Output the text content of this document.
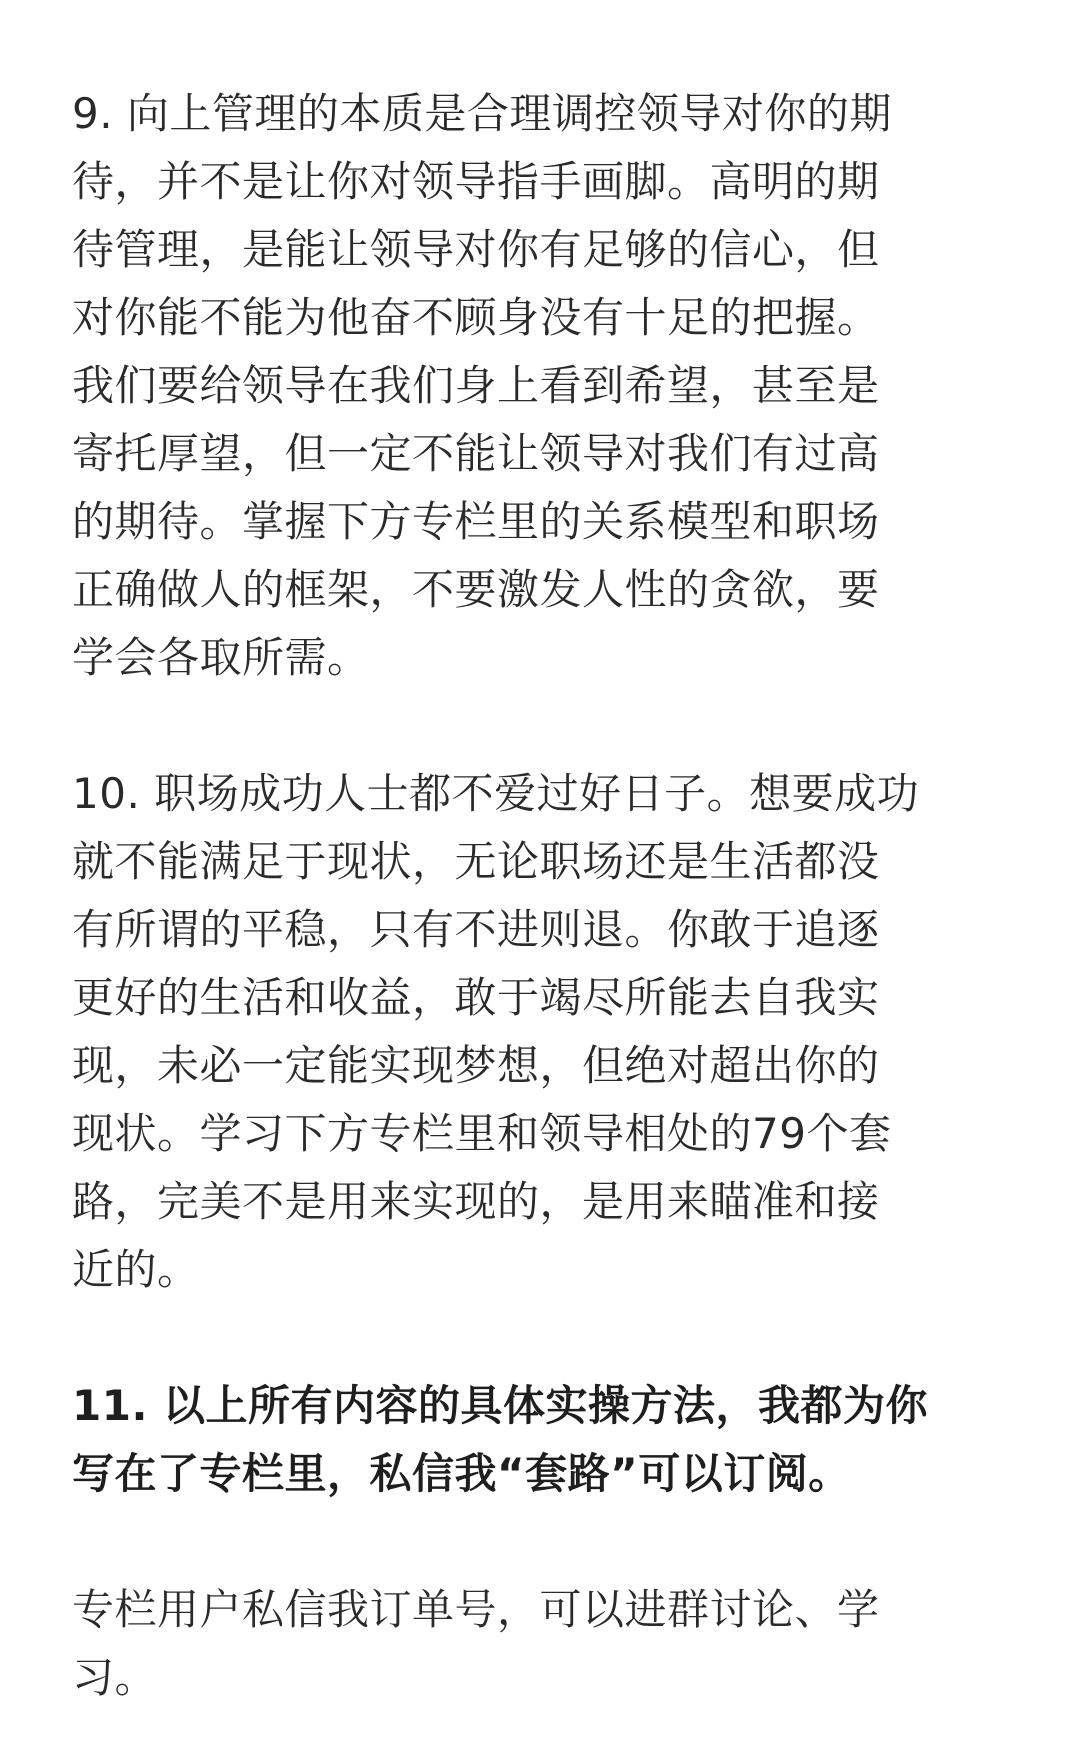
9. 向上管理的本质是合理调控领导对你的期
待，并不是让你对领导指手画脚。高明的期
待管理，是能让领导对你有足够的信心，但
对你能不能为他奋不顾身没有十足的把握。
我们要给领导在我们身上看到希望，甚至是
寄托厚望，但一定不能让领导对我们有过高
的期待。掌握下方专栏里的关系模型和职场
正确做人的框架，不要激发人性的贪欲，要
学会各取所需。

10. 职场成功人士都不爱过好日子。想要成功
就不能满足于现状，无论职场还是生活都没
有所谓的平稳，只有不进则退。你敢于追逐
更好的生活和收益，敢于竭尽所能去自我实
现，未必一定能实现梦想，但绝对超出你的
现状。学习下方专栏里和领导相处的79个套
路，完美不是用来实现的，是用来瞄准和接
近的。

11. 以上所有内容的具体实操方法，我都为你
写在了专栏里，私信我“套路”可以订阅。

专栏用户私信我订单号，可以进群讨论、学
习。
